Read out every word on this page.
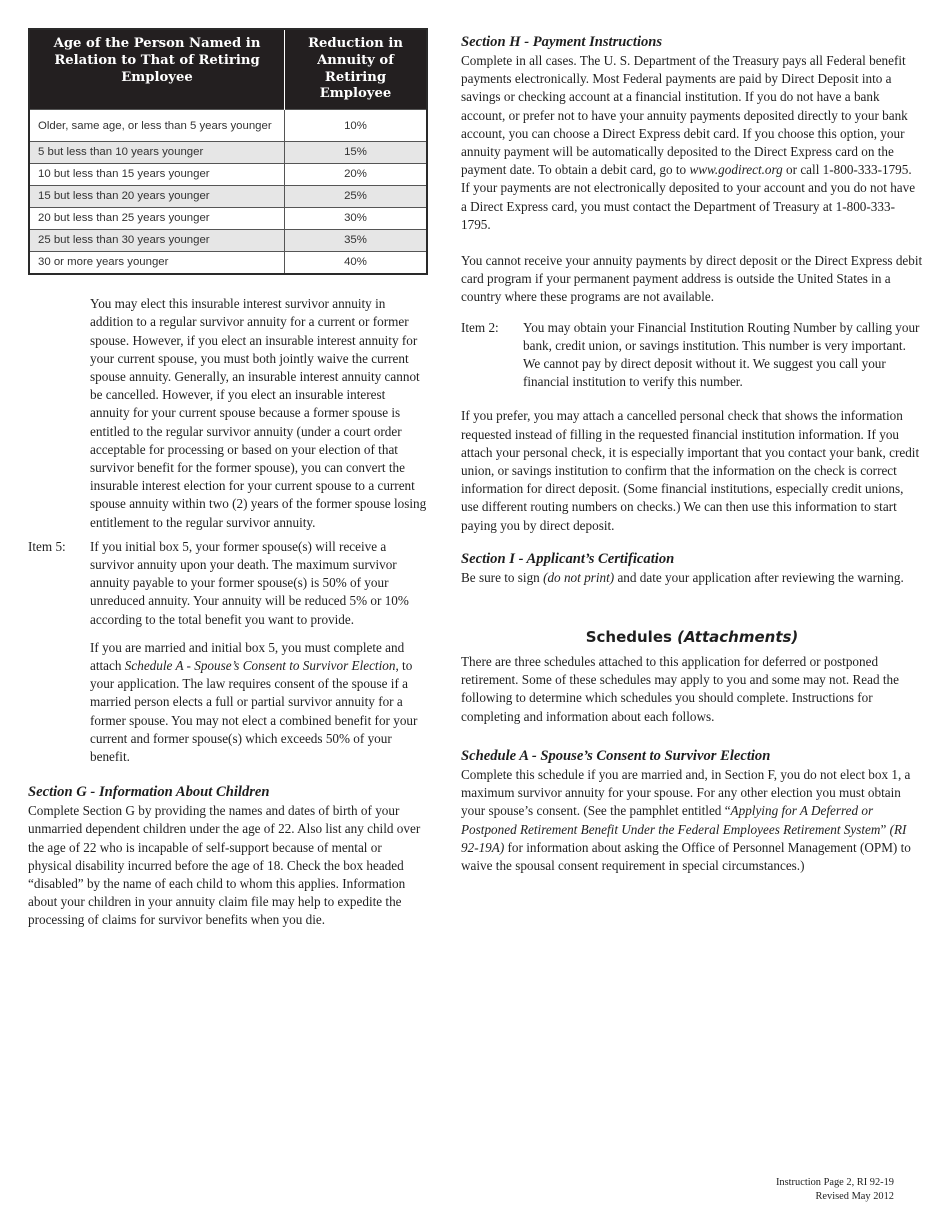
Age of the Person Named in Relation to That of Retiring Employee	Reduction in Annuity of Retiring Employee
Older, same age, or less than 5 years younger	10%
5 but less than 10 years younger	15%
10 but less than 15 years younger	20%
15 but less than 20 years younger	25%
20 but less than 25 years younger	30%
25 but less than 30 years younger	35%
30 or more years younger	40%

You may elect this insurable interest survivor annuity in addition to a regular survivor annuity for a current or former spouse. However, if you elect an insurable interest annuity for your current spouse, you must both jointly waive the current spouse annuity. Generally, an insurable interest annuity cannot be cancelled. However, if you elect an insurable interest annuity for your current spouse because a former spouse is entitled to the regular survivor annuity (under a court order acceptable for processing or based on your election of that survivor benefit for the former spouse), you can convert the insurable interest election for your current spouse to a current spouse annuity within two (2) years of the former spouse losing entitlement to the regular survivor annuity.

Item 5:	If you initial box 5, your former spouse(s) will receive a survivor annuity upon your death. The maximum survivor annuity payable to your former spouse(s) is 50% of your unreduced annuity. Your annuity will be reduced 5% or 10% according to the total benefit you want to provide.

If you are married and initial box 5, you must complete and attach Schedule A - Spouse’s Consent to Survivor Election, to your application. The law requires consent of the spouse if a married person elects a full or partial survivor annuity for a former spouse. You may not elect a combined benefit for your current and former spouse(s) which exceeds 50% of your benefit.

Section G - Information About Children

Complete Section G by providing the names and dates of birth of your unmarried dependent children under the age of 22. Also list any child over the age of 22 who is incapable of self-support because of mental or physical disability incurred before the age of 18. Check the box headed “disabled” by the name of each child to whom this applies. Information about your children in your annuity claim file may help to expedite the processing of claims for survivor benefits when you die.

Section H - Payment Instructions

Complete in all cases. The U. S. Department of the Treasury pays all Federal benefit payments electronically. Most Federal payments are paid by Direct Deposit into a savings or checking account at a financial institution. If you do not have a bank account, or prefer not to have your annuity payments deposited directly to your bank account, you can choose a Direct Express debit card. If you choose this option, your annuity payment will be automatically deposited to the Direct Express card on the payment date. To obtain a debit card, go to www.godirect.org or call 1-800-333-1795. If your payments are not electronically deposited to your account and you do not have a Direct Express card, you must contact the Department of Treasury at 1-800-333-1795.

You cannot receive your annuity payments by direct deposit or the Direct Express debit card program if your permanent payment address is outside the United States in a country where these programs are not available.

Item 2:	You may obtain your Financial Institution Routing Number by calling your bank, credit union, or savings institution. This number is very important. We cannot pay by direct deposit without it. We suggest you call your financial institution to verify this number.

If you prefer, you may attach a cancelled personal check that shows the information requested instead of filling in the requested financial institution information. If you attach your personal check, it is especially important that you contact your bank, credit union, or savings institution to confirm that the information on the check is correct information for direct deposit. (Some financial institutions, especially credit unions, use different routing numbers on checks.) We can then use this information to start paying you by direct deposit.

Section I - Applicant’s Certification

Be sure to sign (do not print) and date your application after reviewing the warning.

Schedules (Attachments)

There are three schedules attached to this application for deferred or postponed retirement. Some of these schedules may apply to you and some may not. Read the following to determine which schedules you should complete. Instructions for completing and information about each follows.

Schedule A - Spouse’s Consent to Survivor Election

Complete this schedule if you are married and, in Section F, you do not elect box 1, a maximum survivor annuity for your spouse. For any other election you must obtain your spouse’s consent. (See the pamphlet entitled “Applying for A Deferred or Postponed Retirement Benefit Under the Federal Employees Retirement System” (RI 92-19A) for information about asking the Office of Personnel Management (OPM) to waive the spousal consent requirement in special circumstances.)

Instruction Page 2, RI 92-19
Revised May 2012
